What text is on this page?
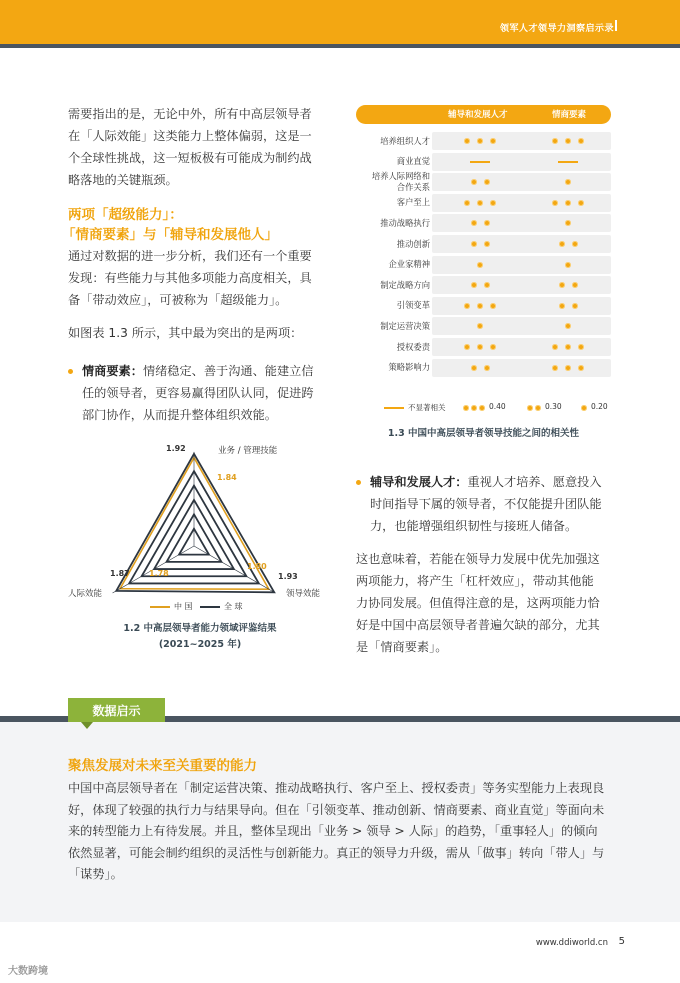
领军人才领导力洞察启示录
需要指出的是，无论中外，所有中高层领导者
在「人际效能」这类能力上整体偏弱，这是一
个全球性挑战，这一短板极有可能成为制约战
略落地的关键瓶颈。
两项「超级能力」：
「情商要素」与「辅导和发展他人」
通过对数据的进一步分析，我们还有一个重要
发现：有些能力与其他多项能力高度相关，具
备「带动效应」，可被称为「超级能力」。
如图表 1.3 所示，其中最为突出的是两项：
情商要素：情绪稳定、善于沟通、能建立信
任的领导者，更容易赢得团队认同，促进跨
部门协作，从而提升整体组织效能。
业务 / 管理技能
领导效能
人际效能
1.92
1.84
1.93
1.80
1.87 1.78
中 国	全 球
1.2 中高层领导者能力领域评鉴结果
(2021~2025 年)
辅导和发展人才	情商要素
培养组织人才
商业直觉
培养人际网络和
合作关系
客户至上
推动战略执行
推动创新
企业家精神
制定战略方向
引领变革
制定运营决策
授权委责
策略影响力
不显著相关	0.40	0.30	0.20
1.3 中国中高层领导者领导技能之间的相关性
辅导和发展人才：重视人才培养、愿意投入
时间指导下属的领导者，不仅能提升团队能
力，也能增强组织韧性与接班人储备。
这也意味着，若能在领导力发展中优先加强这
两项能力，将产生「杠杆效应」，带动其他能
力协同发展。但值得注意的是，这两项能力恰
好是中国中高层领导者普遍欠缺的部分，尤其
是「情商要素」。
数据启示
聚焦发展对未来至关重要的能力
中国中高层领导者在「制定运营决策、推动战略执行、客户至上、授权委责」等务实型能力上表现良
好，体现了较强的执行力与结果导向。但在「引领变革、推动创新、情商要素、商业直觉」等面向未
来的转型能力上有待发展。并且，整体呈现出「业务 > 领导 > 人际」的趋势，「重事轻人」的倾向
依然显著，可能会制约组织的灵活性与创新能力。真正的领导力升级，需从「做事」转向「带人」与
「谋势」。
www.ddiworld.cn 5
大数跨境
